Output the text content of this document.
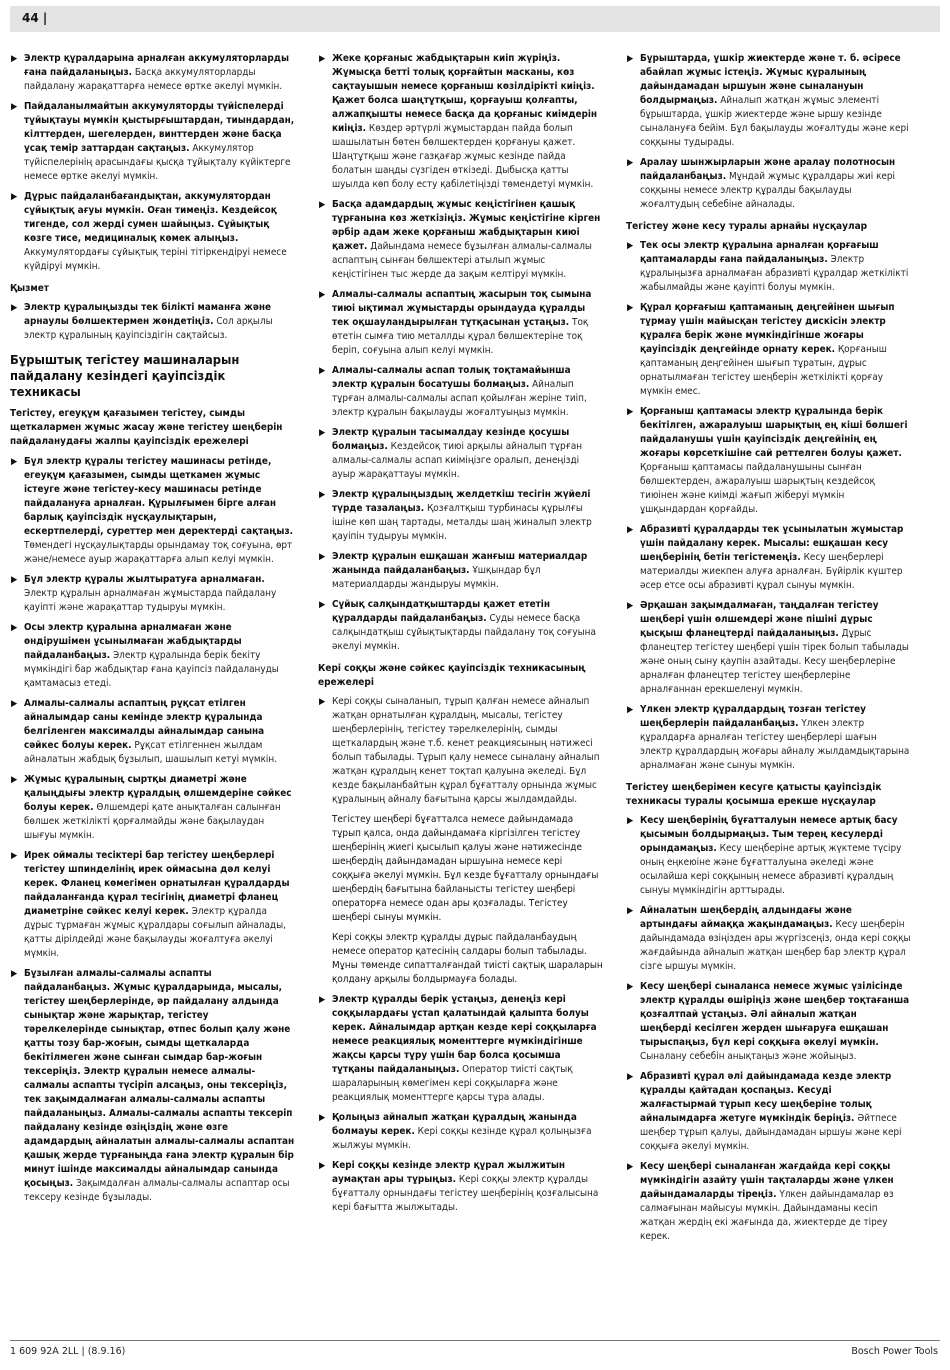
44 |
▶ Электр құралдарына арналған аккумуляторларды ғана пайдаланыңыз. Басқа аккумуляторларды пайдалану жарақаттарға немесе өртке әкелуі мүмкін.
▶ Пайдаланылмайтын аккумуляторды түйіспелерді тұйықтауы мүмкін қыстырғыштардан, тиындардан, кілттерден, шегелерден, винттерден және басқа ұсақ темір заттардан сақтаңыз. Аккумулятор түйіспелерінің арасындағы қысқа тұйықталу күйіктерге немесе өртке әкелуі мүмкін.
▶ Дұрыс пайдаланбағандықтан, аккумулятордан сұйықтық ағуы мүмкін. Оған тимеңіз. Кездейсоқ тигенде, сол жерді сумен шайыңыз. Сұйықтық көзге тисе, медициналық көмек алыңыз. Аккумулятордағы сұйықтық теріні тітіркендіруі немесе күйдіруі мүмкін.
Қызмет
▶ Электр құралыңызды тек білікті маманға және арнаулы бөлшектермен жөндетіңіз. Сол арқылы электр құралының қауіпсіздігін сақтайсыз.
Бұрыштық тегістеу машиналарын пайдалану кезіндегі қауіпсіздік техникасы
Тегістеу, егеуқұм қағазымен тегістеу, сымды щеткалармен жұмыс жасау және тегістеу шеңберін пайдаланудағы жалпы қауіпсіздік ережелері
▶ Бұл электр құралы тегістеу машинасы ретінде, егеуқұм қағазымен, сымды щеткамен жұмыс істеуге және тегістеу-кесу машинасы ретінде пайдалануға арналған. Құрылғымен бірге алған барлық қауіпсіздік нұсқаулықтарын, ескертпелерді, суреттер мен деректерді сақтаңыз. Төмендегі нұсқаулықтарды орындамау тоқ соғуына, өрт және/немесе ауыр жарақаттарға алып келуі мүмкін.
▶ Бұл электр құралы жылтыратуға арналмаған. Электр құралын арналмаған жұмыстарда пайдалану қауіпті және жарақаттар тудыруы мүмкін.
▶ Осы электр құралына арналмаған және өндірушімен ұсынылмаған жабдықтарды пайдаланбаңыз. Электр құралында берік бекіту мүмкіндігі бар жабдықтар ғана қауіпсіз пайдалануды қамтамасыз етеді.
▶ Алмалы-салмалы аспаптың рұқсат етілген айналымдар саны кемінде электр құралында белгіленген максималды айналымдар санына сәйкес болуы керек. Рұқсат етілгеннен жылдам айналатын жабдық бұзылып, шашылып кетуі мүмкін.
▶ Жұмыс құралының сыртқы диаметрі және қалыңдығы электр құралдың өлшемдеріне сәйкес болуы керек. Өлшемдері қате анықталған салынған бөлшек жеткілікті қорғалмайды және бақылаудан шығуы мүмкін.
▶ Ирек оймалы тесіктері бар тегістеу шеңберлері тегістеу шпинделінің ирек оймасына дәл келуі керек. Фланец көмегімен орнатылған құралдарды пайдаланғанда құрал тесігінің диаметрі фланец диаметріне сәйкес келуі керек. Электр құралда дұрыс тұрмаған жұмыс құралдары соғылып айналады, қатты дірілдейді және бақылауды жоғалтуға әкелуі мүмкін.
▶ Бұзылған алмалы-салмалы аспапты пайдаланбаңыз. Жұмыс құралдарында, мысалы, тегістеу шеңберлерінде, әр пайдалану алдында сынықтар және жарықтар, тегістеу тәрелкелерінде сынықтар, өтпес болып қалу және қатты тозу бар-жоғын, сымды щеткаларда бекітілмеген және сынған сымдар бар-жоғын тексеріңіз. Электр құралын немесе алмалы-салмалы аспапты түсіріп алсаңыз, оны тексеріңіз, тек зақымдалмаған алмалы-салмалы аспапты пайдаланыңыз. Алмалы-салмалы аспапты тексеріп пайдалану кезінде өзіңіздің және өзге адамдардың айналатын алмалы-салмалы аспаптан қашық жерде тұрғаныңда ғана электр құралын бір минут ішінде максималды айналымдар санында қосыңыз. Зақымдалған алмалы-салмалы аспаптар осы тексеру кезінде бұзылады.
▶ Жеке қорғаныс жабдықтарын киіп жүріңіз. Жұмысқа бетті толық қорғайтын масканы, көз сақтауышын немесе қорғаныш көзілдірікті киіңіз. Қажет болса шаңтұтқыш, қорғауыш қолғапты, алжапқышты немесе басқа да қорғаныс киімдерін киіңіз. Көздер әртүрлі жұмыстардан пайда болып шашылатын бөтен бөлшектерден қорғануы қажет. Шаңтұтқыш және газқағар жұмыс кезінде пайда болатын шаңды сүзгіден өткізеді. Дыбысқа қатты шуылда көп болу есту қабілетіңізді төмендетуі мүмкін.
▶ Басқа адамдардың жұмыс кеңістігінен қашық тұрғанына көз жеткізіңіз. Жұмыс кеңістігіне кірген әрбір адам жеке қорғаныш жабдықтарын киюі қажет. Дайындама немесе бұзылған алмалы-салмалы аспаптың сынған бөлшектері атылып жұмыс кеңістігінен тыс жерде да зақым келтіруі мүмкін.
▶ Алмалы-салмалы аспаптың жасырын тоқ сымына тиюі ықтимал жұмыстарды орындауда құралды тек оқшауландырылған тұтқасынан ұстаңыз. Тоқ өтетін сымға тию металлды құрал бөлшектеріне тоқ беріп, соғуына алып келуі мүмкін.
▶ Алмалы-салмалы аспап толық тоқтамайынша электр құралын босатушы болмаңыз. Айналып тұрған алмалы-салмалы аспап қойылған жеріне тиіп, электр құралын бақылауды жоғалтуыңыз мүмкін.
▶ Электр құралын тасымалдау кезінде қосушы болмаңыз. Кездейсоқ тиюі арқылы айналып тұрған алмалы-салмалы аспап киіміңізге оралып, денеңізді ауыр жарақаттауы мүмкін.
▶ Электр құралыңыздың желдеткіш тесігін жүйелі түрде тазалаңыз. Қозғалтқыш турбинасы құрылғы ішіне көп шаң тартады, металды шаң жиналып электр қауіпін тудыруы мүмкін.
▶ Электр құралын ешқашан жанғыш материалдар жанында пайдаланбаңыз. Ұшқындар бұл материалдарды жандыруы мүмкін.
▶ Сұйық салқындатқыштарды қажет ететін құралдарды пайдаланбаңыз. Суды немесе басқа салқындатқыш сұйықтықтарды пайдалану тоқ соғуына әкелуі мүмкін.
Кері соққы және сәйкес қауіпсіздік техникасының ережелері
▶ Кері соққы сыналанып, тұрып қалған немесе айналып жатқан орнатылған құралдың, мысалы, тегістеу шеңберлерінің, тегістеу тәрелкелерінің, сымды щеткалардың және т.б. кенет реакциясының нәтижесі болып табылады. Тұрып қалу немесе сыналану айналып жатқан құралдың кенет тоқтап қалуына әкеледі. Бұл кезде бақыланбайтын құрал бұғатталу орнында жұмыс құралының айналу бағытына қарсы жылдамдайды.
Тегістеу шеңбері бұғатталса немесе дайындамада тұрып қалса, онда дайындамаға кіргізілген тегістеу шеңберінің жиегі қысылып қалуы және нәтижесінде шеңбердің дайындамадан ыршуына немесе кері соққыға әкелуі мүмкін. Бұл кезде бұғатталу орнындағы шеңбердің бағытына байланысты тегістеу шеңбері операторға немесе одан ары қозғалады. Тегістеу шеңбері сынуы мүмкін.
Кері соққы электр құралды дұрыс пайдаланбаудың немесе оператор қатесінің салдары болып табылады. Мұны төменде сипатталғандай тиісті сақтық шараларын қолдану арқылы болдырмауға болады.
▶ Электр құралды берік ұстаңыз, денеңіз кері соққылардағы ұстап қалатындай қалыпта болуы керек. Айналымдар артқан кезде кері соққыларға немесе реакциялық моменттерге мүмкіндігінше жақсы қарсы тұру үшін бар болса қосымша тұтқаны пайдаланыңыз. Оператор тиісті сақтық шараларының көмегімен кері соққыларға және реакциялық моменттерге қарсы тұра алады.
▶ Қолыңыз айналып жатқан құралдың жанында болмауы керек. Кері соққы кезінде құрал қолыңызға жылжуы мүмкін.
▶ Кері соққы кезінде электр құрал жылжитын аумақтан ары тұрыңыз. Кері соққы электр құралды бұғатталу орнындағы тегістеу шеңберінің қозғалысына кері бағытта жылжытады.
▶ Бұрыштарда, ұшкір жиектерде және т. б. әсіресе абайлап жұмыс істеңіз. Жұмыс құралының дайындамадан ыршуын және сыналануын болдырмаңыз. Айналып жатқан жұмыс элементі бұрыштарда, ұшкір жиектерде және ыршу кезінде сыналануға бейім. Бұл бақылауды жоғалтуды және кері соққыны тудырады.
▶ Аралау шынжырларын және аралау полотносын пайдаланбаңыз. Мұндай жұмыс құралдары жиі кері соққыны немесе электр құралды бақылауды жоғалтудың себебіне айналады.
Тегістеу және кесу туралы арнайы нұсқаулар
▶ Тек осы электр құралына арналған қорғағыш қаптамаларды ғана пайдаланыңыз. Электр құралыңызға арналмаған абразивті құралдар жеткілікті жабылмайды және қауіпті болуы мүмкін.
▶ Құрал қорғағыш қаптаманың деңгейінен шығып тұрмау үшін майысқан тегістеу дискісін электр құралға берік және мүмкіндігінше жоғары қауіпсіздік деңгейінде орнату керек. Қорғаныш қаптаманың деңгейінен шығып тұратын, дұрыс орнатылмаған тегістеу шеңберін жеткілікті қорғау мүмкін емес.
▶ Қорғаныш қаптамасы электр құралында берік бекітілген, ажаралуыш шарықтың ең кіші бөлшегі пайдаланушы үшін қауіпсіздік деңгейінің ең жоғары көрсеткішіне сай реттелген болуы қажет. Қорғаныш қаптамасы пайдаланушыны сынған бөлшектерден, ажаралуыш шарықтың кездейсоқ тиюінен және киімді жағып жіберуі мүмкін ұшқындардан қорғайды.
▶ Абразивті құралдарды тек ұсынылатын жұмыстар үшін пайдалану керек. Мысалы: ешқашан кесу шеңберінің бетін тегістемеңіз. Кесу шеңберлері материалды жиекпен алуға арналған. Бүйірлік күштер әсер етсе осы абразивті құрал сынуы мүмкін.
▶ Әрқашан зақымдалмаған, таңдалған тегістеу шеңбері үшін өлшемдері және пішіні дұрыс қысқыш фланецтерді пайдаланыңыз. Дұрыс фланецтер тегістеу шеңбері үшін тірек болып табылады және оның сыну қаупін азайтады. Кесу шеңберлеріне арналған фланецтер тегістеу шеңберлеріне арналғаннан ерекшеленуі мүмкін.
▶ Үлкен электр құралдардың тозған тегістеу шеңберлерін пайдаланбаңыз. Үлкен электр құралдарға арналған тегістеу шеңберлері шағын электр құралдардың жоғары айналу жылдамдықтарына арналмаған және сынуы мүмкін.
Тегістеу шеңберімен кесуге қатысты қауіпсіздік техникасы туралы қосымша ерекше нұсқаулар
▶ Кесу шеңберінің бұғатталуын немесе артық басу қысымын болдырмаңыз. Тым терең кесулерді орындамаңыз. Кесу шеңберіне артық жүктеме түсіру оның еңкеюіне және бұғатталуына әкеледі және осылайша кері соққының немесе абразивті құралдың сынуы мүмкіндігін арттырады.
▶ Айналатын шеңбердің алдындағы және артындағы аймаққа жақындамаңыз. Кесу шеңберін дайындамада өзіңізден ары жүргізсеңіз, онда кері соққы жағдайында айналып жатқан шеңбер бар электр құрал сізге ыршуы мүмкін.
▶ Кесу шеңбері сыналанса немесе жұмыс үзілісінде электр құралды өшіріңіз және шеңбер тоқтағанша қозғалтпай ұстаңыз. Әлі айналып жатқан шеңберді кесілген жерден шығаруға ешқашан тырыспаңыз, бұл кері соққыға әкелуі мүмкін. Сыналану себебін анықтаңыз және жойыңыз.
▶ Абразивті құрал әлі дайындамада кезде электр құралды қайтадан қоспаңыз. Кесуді жалғастырмай тұрып кесу шеңберіне толық айналымдарға жетуге мүмкіндік беріңіз. Әйтпесе шеңбер тұрып қалуы, дайындамадан ыршуы және кері соққыға әкелуі мүмкін.
▶ Кесу шеңбері сыналанған жағдайда кері соққы мүмкіндігін азайту үшін тақталарды және үлкен дайындамаларды тіреңіз. Үлкен дайындамалар өз салмағынан майысуы мүмкін. Дайындаманы кесіп жатқан жердің екі жағында да, жиектерде де тіреу керек.
1 609 92A 2LL | (8.9.16)	Bosch Power Tools
